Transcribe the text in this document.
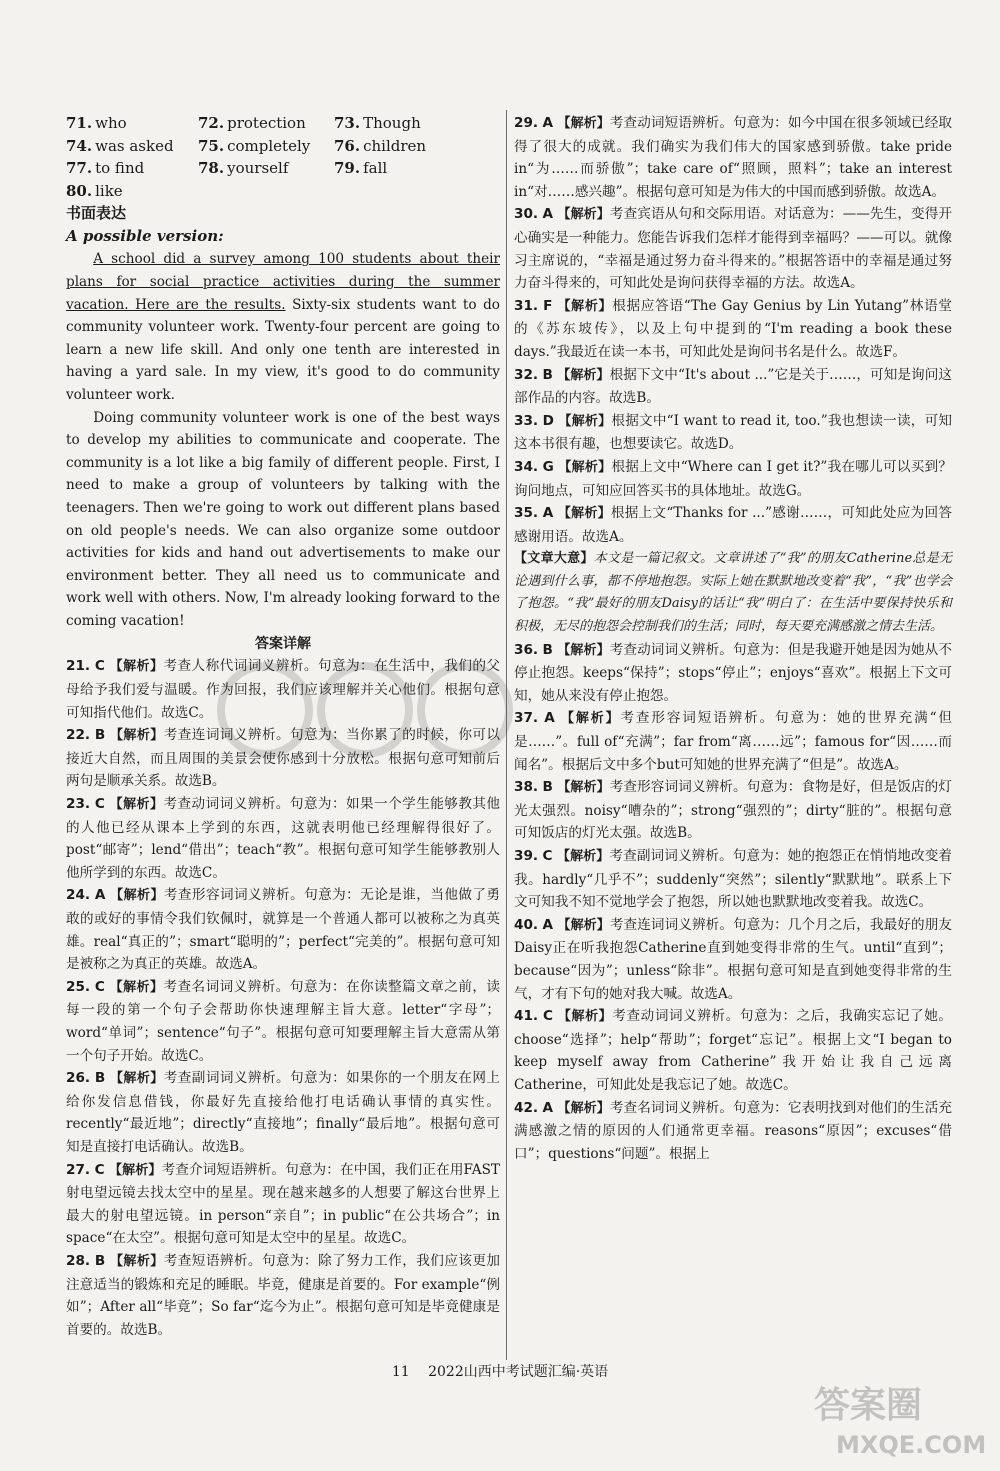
71. who	72. protection	73. Though
74. was asked	75. completely	76. children
77. to find	78. yourself	79. fall
80. like
书面表达
A possible version:

A school did a survey among 100 students about their plans for social practice activities during the summer vacation. Here are the results. Sixty-six students want to do community volunteer work. Twenty-four percent are going to learn a new life skill. And only one tenth are interested in having a yard sale. In my view, it's good to do community volunteer work.

Doing community volunteer work is one of the best ways to develop my abilities to communicate and cooperate. The community is a lot like a big family of different people. First, I need to make a group of volunteers by talking with the teenagers. Then we're going to work out different plans based on old people's needs. We can also organize some outdoor activities for kids and hand out advertisements to make our environment better. They all need us to communicate and work well with others. Now, I'm already looking forward to the coming vacation!

答案详解

21. C 【解析】考查人称代词词义辨析。句意为：在生活中，我们的父母给予我们爱与温暖。作为回报，我们应该理解并关心他们。根据句意可知指代他们。故选C。

22. B 【解析】考查连词词义辨析。句意为：当你累了的时候，你可以接近大自然，而且周围的美景会使你感到十分放松。根据句意可知前后两句是顺承关系。故选B。

23. C 【解析】考查动词词义辨析。句意为：如果一个学生能够教其他的人他已经从课本上学到的东西，这就表明他已经理解得很好了。post“邮寄”；lend“借出”；teach“教”。根据句意可知学生能够教别人他所学到的东西。故选C。

24. A 【解析】考查形容词词义辨析。句意为：无论是谁，当他做了勇敢的或好的事情令我们钦佩时，就算是一个普通人都可以被称之为真英雄。real“真正的”；smart“聪明的”；perfect“完美的”。根据句意可知是被称之为真正的英雄。故选A。

25. C 【解析】考查名词词义辨析。句意为：在你读整篇文章之前，读每一段的第一个句子会帮助你快速理解主旨大意。letter“字母”；word“单词”；sentence“句子”。根据句意可知要理解主旨大意需从第一个句子开始。故选C。

26. B 【解析】考查副词词义辨析。句意为：如果你的一个朋友在网上给你发信息借钱，你最好先直接给他打电话确认事情的真实性。recently“最近地”；directly“直接地”；finally“最后地”。根据句意可知是直接打电话确认。故选B。

27. C 【解析】考查介词短语辨析。句意为：在中国，我们正在用FAST射电望远镜去找太空中的星星。现在越来越多的人想要了解这台世界上最大的射电望远镜。in person“亲自”；in public“在公共场合”；in space“在太空”。根据句意可知是太空中的星星。故选C。

28. B 【解析】考查短语辨析。句意为：除了努力工作，我们应该更加注意适当的锻炼和充足的睡眠。毕竟，健康是首要的。For example“例如”；After all“毕竟”；So far“迄今为止”。根据句意可知是毕竟健康是首要的。故选B。

29. A 【解析】考查动词短语辨析。句意为：如今中国在很多领域已经取得了很大的成就。我们确实为我们伟大的国家感到骄傲。take pride in“为……而骄傲”；take care of“照顾，照料”；take an interest in“对……感兴趣”。根据句意可知是为伟大的中国而感到骄傲。故选A。

30. A 【解析】考查宾语从句和交际用语。对话意为：——先生，变得开心确实是一种能力。您能告诉我们怎样才能得到幸福吗？——可以。就像习主席说的，“幸福是通过努力奋斗得来的。”根据答语中的幸福是通过努力奋斗得来的，可知此处是询问获得幸福的方法。故选A。

31. F 【解析】根据应答语“The Gay Genius by Lin Yutang”林语堂的《苏东坡传》，以及上句中提到的“I'm reading a book these days.”我最近在读一本书，可知此处是询问书名是什么。故选F。

32. B 【解析】根据下文中“It's about ...”它是关于……，可知是询问这部作品的内容。故选B。

33. D 【解析】根据文中“I want to read it, too.”我也想读一读，可知这本书很有趣，也想要读它。故选D。

34. G 【解析】根据上文中“Where can I get it?”我在哪儿可以买到？询问地点，可知应回答买书的具体地址。故选G。

35. A 【解析】根据上文“Thanks for ...”感谢……，可知此处应为回答感谢用语。故选A。

【文章大意】本文是一篇记叙文。文章讲述了“我”的朋友Catherine总是无论遇到什么事，都不停地抱怨。实际上她在默默地改变着“我”，“我”也学会了抱怨。“我”最好的朋友Daisy的话让“我”明白了：在生活中要保持快乐和积极，无尽的抱怨会控制我们的生活；同时，每天要充满感激之情去生活。

36. B 【解析】考查动词词义辨析。句意为：但是我避开她是因为她从不停止抱怨。keeps“保持”；stops“停止”；enjoys“喜欢”。根据上下文可知，她从来没有停止抱怨。

37. A 【解析】考查形容词短语辨析。句意为：她的世界充满“但是……”。full of“充满”；far from“离……远”；famous for“因……而闻名”。根据后文中多个but可知她的世界充满了“但是”。故选A。

38. B 【解析】考查形容词词义辨析。句意为：食物是好，但是饭店的灯光太强烈。noisy“嘈杂的”；strong“强烈的”；dirty“脏的”。根据句意可知饭店的灯光太强。故选B。

39. C 【解析】考查副词词义辨析。句意为：她的抱怨正在悄悄地改变着我。hardly“几乎不”；suddenly“突然”；silently“默默地”。联系上下文可知我不知不觉地学会了抱怨，所以她也默默地改变着我。故选C。

40. A 【解析】考查连词词义辨析。句意为：几个月之后，我最好的朋友Daisy正在听我抱怨Catherine直到她变得非常的生气。until“直到”；because“因为”；unless“除非”。根据句意可知是直到她变得非常的生气，才有下句的她对我大喊。故选A。

41. C 【解析】考查动词词义辨析。句意为：之后，我确实忘记了她。choose“选择”；help“帮助”；forget“忘记”。根据上文“I began to keep myself away from Catherine”我开始让我自己远离Catherine，可知此处是我忘记了她。故选C。

42. A 【解析】考查名词词义辨析。句意为：它表明找到对他们的生活充满感激之情的原因的人们通常更幸福。reasons“原因”；excuses“借口”；questions“问题”。根据上

11 2022山西中考试题汇编·英语
答案圈
MXQE.COM
